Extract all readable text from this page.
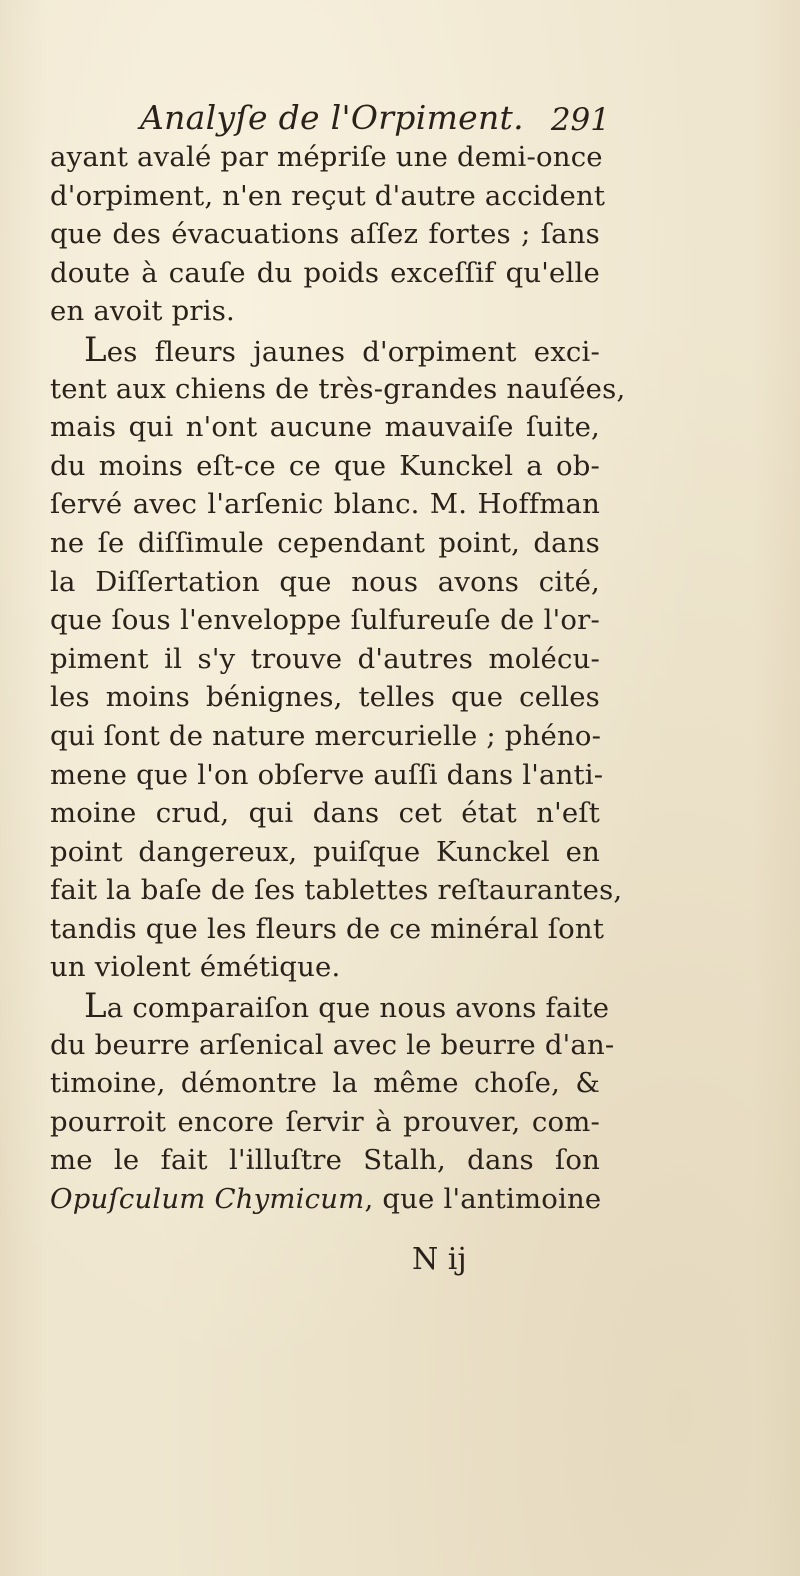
Analyſe de l'Orpiment. 291
ayant avalé par mépriſe une demi-once
d'orpiment, n'en reçut d'autre accident
que des évacuations aſſez fortes ; ſans
doute à cauſe du poids exceſſif qu'elle
en avoit pris.
Les fleurs jaunes d'orpiment exci-
tent aux chiens de très-grandes nauſées,
mais qui n'ont aucune mauvaiſe ſuite,
du moins eſt-ce ce que Kunckel a ob-
ſervé avec l'arſenic blanc. M. Hoffman
ne ſe diſſimule cependant point, dans
la Diſſertation que nous avons cité,
que ſous l'enveloppe ſulfureuſe de l'or-
piment il s'y trouve d'autres molécu-
les moins bénignes, telles que celles
qui ſont de nature mercurielle ; phéno-
mene que l'on obſerve auſſi dans l'anti-
moine crud, qui dans cet état n'eſt
point dangereux, puiſque Kunckel en
fait la baſe de ſes tablettes reſtaurantes,
tandis que les fleurs de ce minéral ſont
un violent émétique.
La comparaiſon que nous avons faite
du beurre arſenical avec le beurre d'an-
timoine, démontre la même choſe, &
pourroit encore ſervir à prouver, com-
me le fait l'illuſtre Stalh, dans ſon
Opuſculum Chymicum, que l'antimoine
N ij
